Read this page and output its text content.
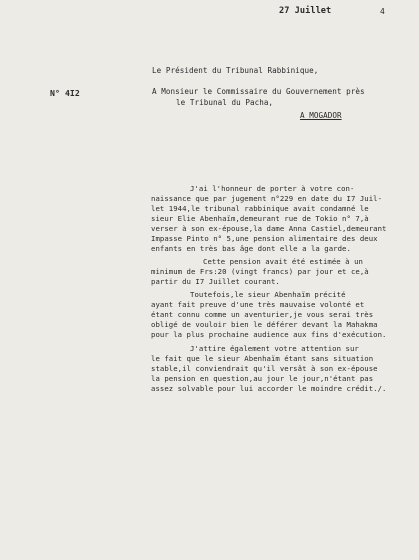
27 Juillet	4
Le Président du Tribunal Rabbinique,
N° 4I2	A Monsieur le Commissaire du Gouvernement près
le Tribunal du Pacha,
A MOGADOR
J'ai l'honneur de porter à votre con-
naissance que par jugement n°229 en date du I7 Juil-
let 1944,le tribunal rabbinique avait condamné le
sieur Elie Abenhaïm,demeurant rue de Tokio n° 7,à
verser à son ex-épouse,la dame Anna Castiel,demeurant
Impasse Pinto n° 5,une pension alimentaire des deux
enfants en très bas âge dont elle a la garde.
Cette pension avait été estimée à un
minimum de Frs:20 (vingt francs) par jour et ce,à
partir du I7 Juillet courant.
Toutefois,le sieur Abenhaïm précité
ayant fait preuve d'une très mauvaise volonté et
étant connu comme un aventurier,je vous serai très
obligé de vouloir bien le déférer devant la Mahakma
pour la plus prochaine audience aux fins d'exécution.
J'attire également votre attention sur
le fait que le sieur Abenhaïm étant sans situation
stable,il conviendrait qu'il versât à son ex-épouse
la pension en question,au jour le jour,n'étant pas
assez solvable pour lui accorder le moindre crédit./.
